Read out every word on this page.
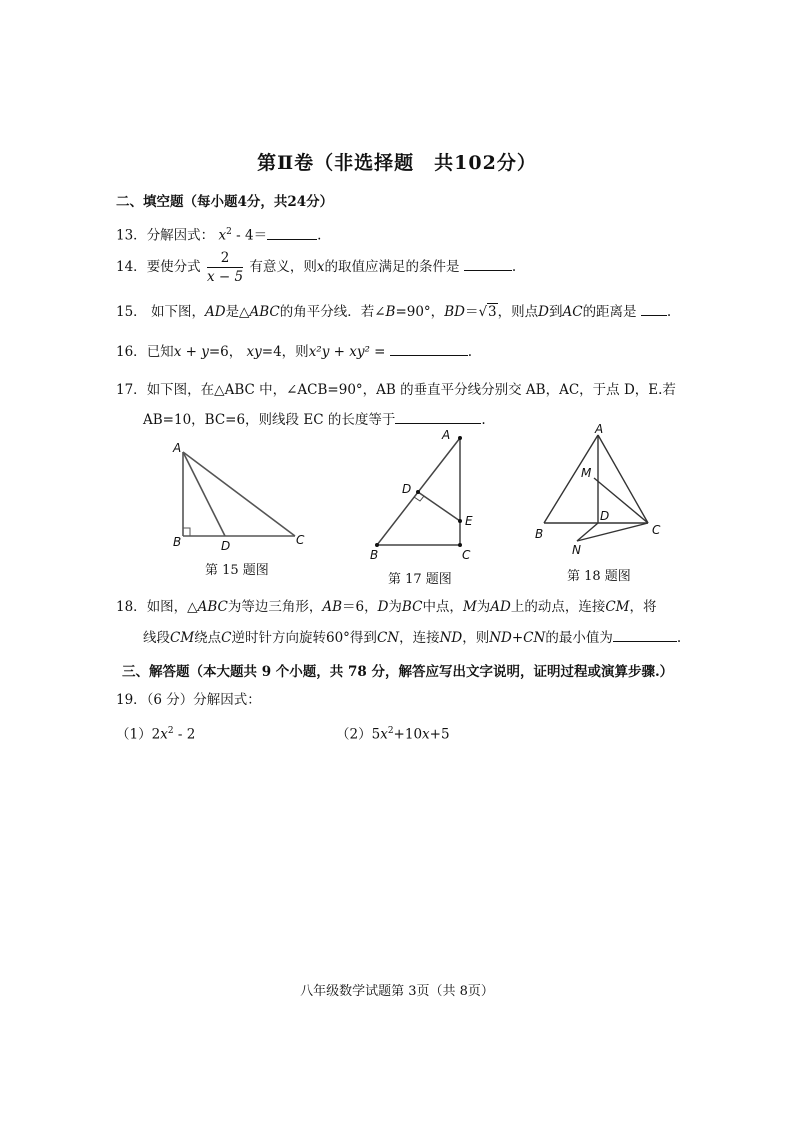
第Ⅱ卷（非选择题　共102分）
二、填空题（每小题4分，共24分）
13．分解因式： $x^2 - 4=$	.
14．要使分式 $\frac{2}{x - 5}$ 有意义，则x的取值应满足的条件是	.
15． 如下图，AD是△ABC的角平分线．若∠B=90°，BD＝√3，则点D到AC的距离是 .
16．已知x + y=6， xy=4，则x²y + xy² =	.
17．如下图，在△ABC 中，∠ACB=90°，AB 的垂直平分线分别交 AB，AC，于点 D，E.若
AB=10，BC=6，则线段 EC 的长度等于	.
A
B	D	C
第 15 题图
A
D
E
B	C
第 17 题图
A
M
D
B	C
N
第 18 题图
18．如图，△ABC为等边三角形，AB＝6，D为BC中点，M为AD上的动点，连接CM，将
线段CM绕点C逆时针方向旋转60°得到CN，连接ND，则ND+CN的最小值为	.
三、解答题（本大题共 9 个小题，共 78 分，解答应写出文字说明，证明过程或演算步骤.）
19．（6 分）分解因式：
$(1)2x^2 - 2$	$(2)5x^2+10x+5$
八年级数学试题第 3页（共 8页）
